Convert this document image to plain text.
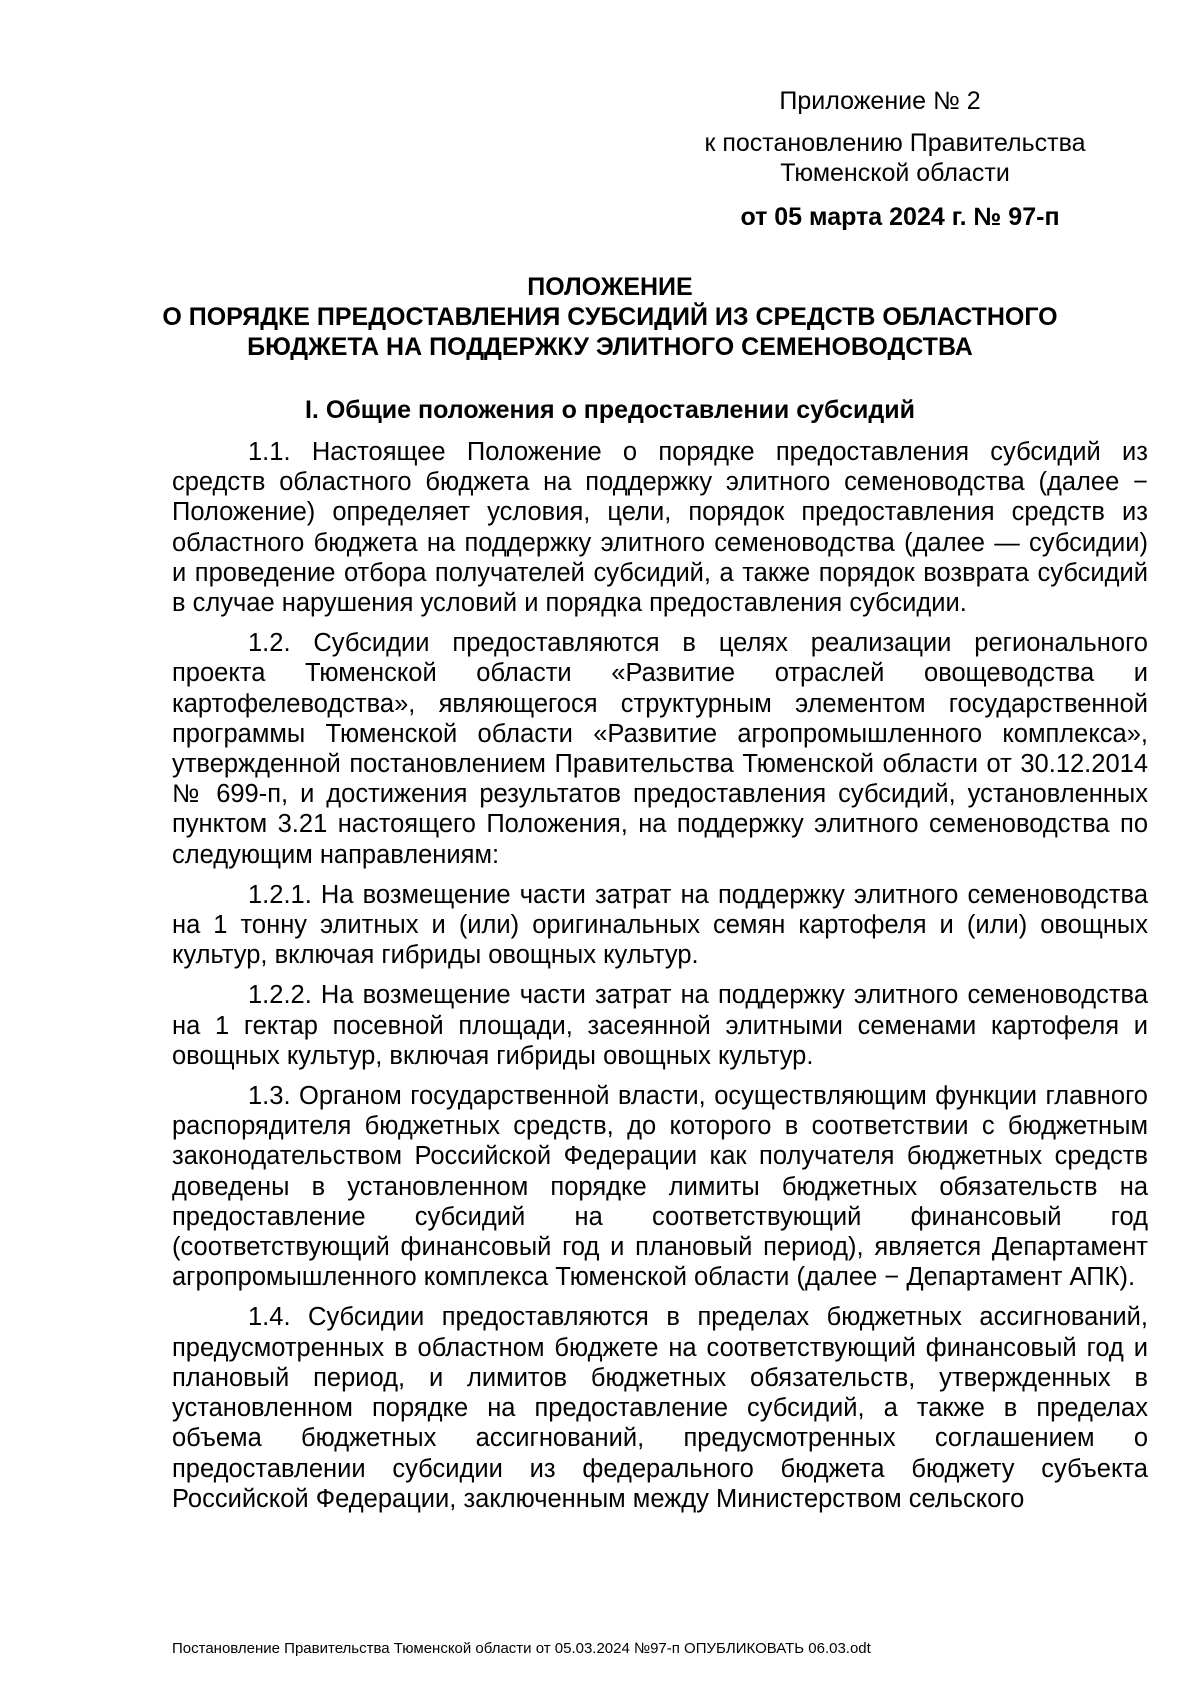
Приложение № 2
к постановлению Правительства
Тюменской области
от 05 марта 2024 г. № 97-п
ПОЛОЖЕНИЕ
О ПОРЯДКЕ ПРЕДОСТАВЛЕНИЯ СУБСИДИЙ ИЗ СРЕДСТВ ОБЛАСТНОГО
БЮДЖЕТА НА ПОДДЕРЖКУ ЭЛИТНОГО СЕМЕНОВОДСТВА
I. Общие положения о предоставлении субсидий

1.1. Настоящее Положение о порядке предоставления субсидий из средств областного бюджета на поддержку элитного семеноводства (далее − Положение) определяет условия, цели, порядок предоставления средств из областного бюджета на поддержку элитного семеноводства (далее — субсидии) и проведение отбора получателей субсидий, а также порядок возврата субсидий в случае нарушения условий и порядка предоставления субсидии.

1.2. Субсидии предоставляются в целях реализации регионального проекта Тюменской области «Развитие отраслей овощеводства и картофелеводства», являющегося структурным элементом государственной программы Тюменской области «Развитие агропромышленного комплекса», утвержденной постановлением Правительства Тюменской области от 30.12.2014 № 699-п, и достижения результатов предоставления субсидий, установленных пунктом 3.21 настоящего Положения, на поддержку элитного семеноводства по следующим направлениям:

1.2.1. На возмещение части затрат на поддержку элитного семеноводства на 1 тонну элитных и (или) оригинальных семян картофеля и (или) овощных культур, включая гибриды овощных культур.

1.2.2. На возмещение части затрат на поддержку элитного семеноводства на 1 гектар посевной площади, засеянной элитными семенами картофеля и овощных культур, включая гибриды овощных культур.

1.3. Органом государственной власти, осуществляющим функции главного распорядителя бюджетных средств, до которого в соответствии с бюджетным законодательством Российской Федерации как получателя бюджетных средств доведены в установленном порядке лимиты бюджетных обязательств на предоставление субсидий на соответствующий финансовый год (соответствующий финансовый год и плановый период), является Департамент агропромышленного комплекса Тюменской области (далее − Департамент АПК).

1.4. Субсидии предоставляются в пределах бюджетных ассигнований, предусмотренных в областном бюджете на соответствующий финансовый год и плановый период, и лимитов бюджетных обязательств, утвержденных в установленном порядке на предоставление субсидий, а также в пределах объема бюджетных ассигнований, предусмотренных соглашением о предоставлении субсидии из федерального бюджета бюджету субъекта Российской Федерации, заключенным между Министерством сельского

Постановление Правительства Тюменской области от 05.03.2024 №97-п ОПУБЛИКОВАТЬ 06.03.odt
